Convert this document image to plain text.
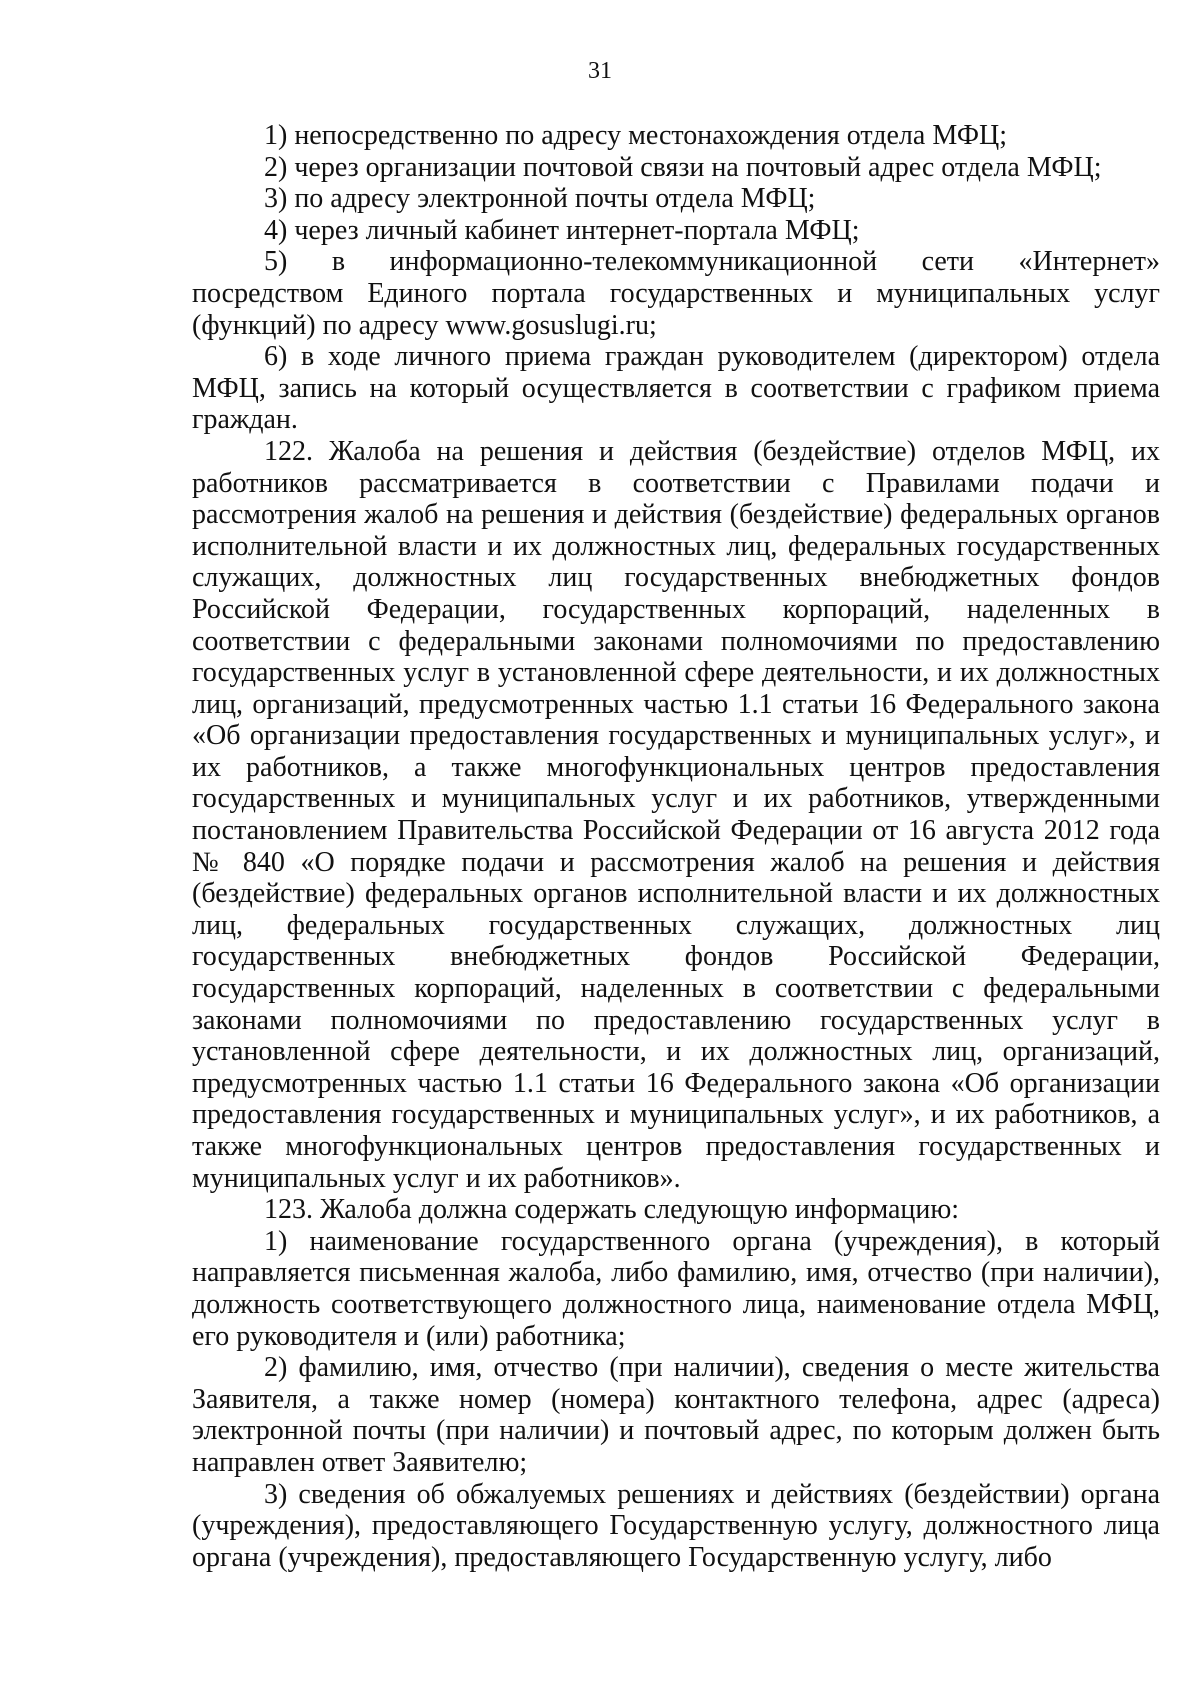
31

1) непосредственно по адресу местонахождения отдела МФЦ;

2) через организации почтовой связи на почтовый адрес отдела МФЦ;

3) по адресу электронной почты отдела МФЦ;

4) через личный кабинет интернет-портала МФЦ;

5) в информационно-телекоммуникационной сети «Интернет» посредством Единого портала государственных и муниципальных услуг (функций) по адресу www.gosuslugi.ru;

6) в ходе личного приема граждан руководителем (директором) отдела МФЦ, запись на который осуществляется в соответствии с графиком приема граждан.

122. Жалоба на решения и действия (бездействие) отделов МФЦ, их работников рассматривается в соответствии с Правилами подачи и рассмотрения жалоб на решения и действия (бездействие) федеральных органов исполнительной власти и их должностных лиц, федеральных государственных служащих, должностных лиц государственных внебюджетных фондов Российской Федерации, государственных корпораций, наделенных в соответствии с федеральными законами полномочиями по предоставлению государственных услуг в установленной сфере деятельности, и их должностных лиц, организаций, предусмотренных частью 1.1 статьи 16 Федерального закона «Об организации предоставления государственных и муниципальных услуг», и их работников, а также многофункциональных центров предоставления государственных и муниципальных услуг и их работников, утвержденными постановлением Правительства Российской Федерации от 16 августа 2012 года № 840 «О порядке подачи и рассмотрения жалоб на решения и действия (бездействие) федеральных органов исполнительной власти и их должностных лиц, федеральных государственных служащих, должностных лиц государственных внебюджетных фондов Российской Федерации, государственных корпораций, наделенных в соответствии с федеральными законами полномочиями по предоставлению государственных услуг в установленной сфере деятельности, и их должностных лиц, организаций, предусмотренных частью 1.1 статьи 16 Федерального закона «Об организации предоставления государственных и муниципальных услуг», и их работников, а также многофункциональных центров предоставления государственных и муниципальных услуг и их работников».

123. Жалоба должна содержать следующую информацию:

1) наименование государственного органа (учреждения), в который направляется письменная жалоба, либо фамилию, имя, отчество (при наличии), должность соответствующего должностного лица, наименование отдела МФЦ, его руководителя и (или) работника;

2) фамилию, имя, отчество (при наличии), сведения о месте жительства Заявителя, а также номер (номера) контактного телефона, адрес (адреса) электронной почты (при наличии) и почтовый адрес, по которым должен быть направлен ответ Заявителю;

3) сведения об обжалуемых решениях и действиях (бездействии) органа (учреждения), предоставляющего Государственную услугу, должностного лица органа (учреждения), предоставляющего Государственную услугу, либо
